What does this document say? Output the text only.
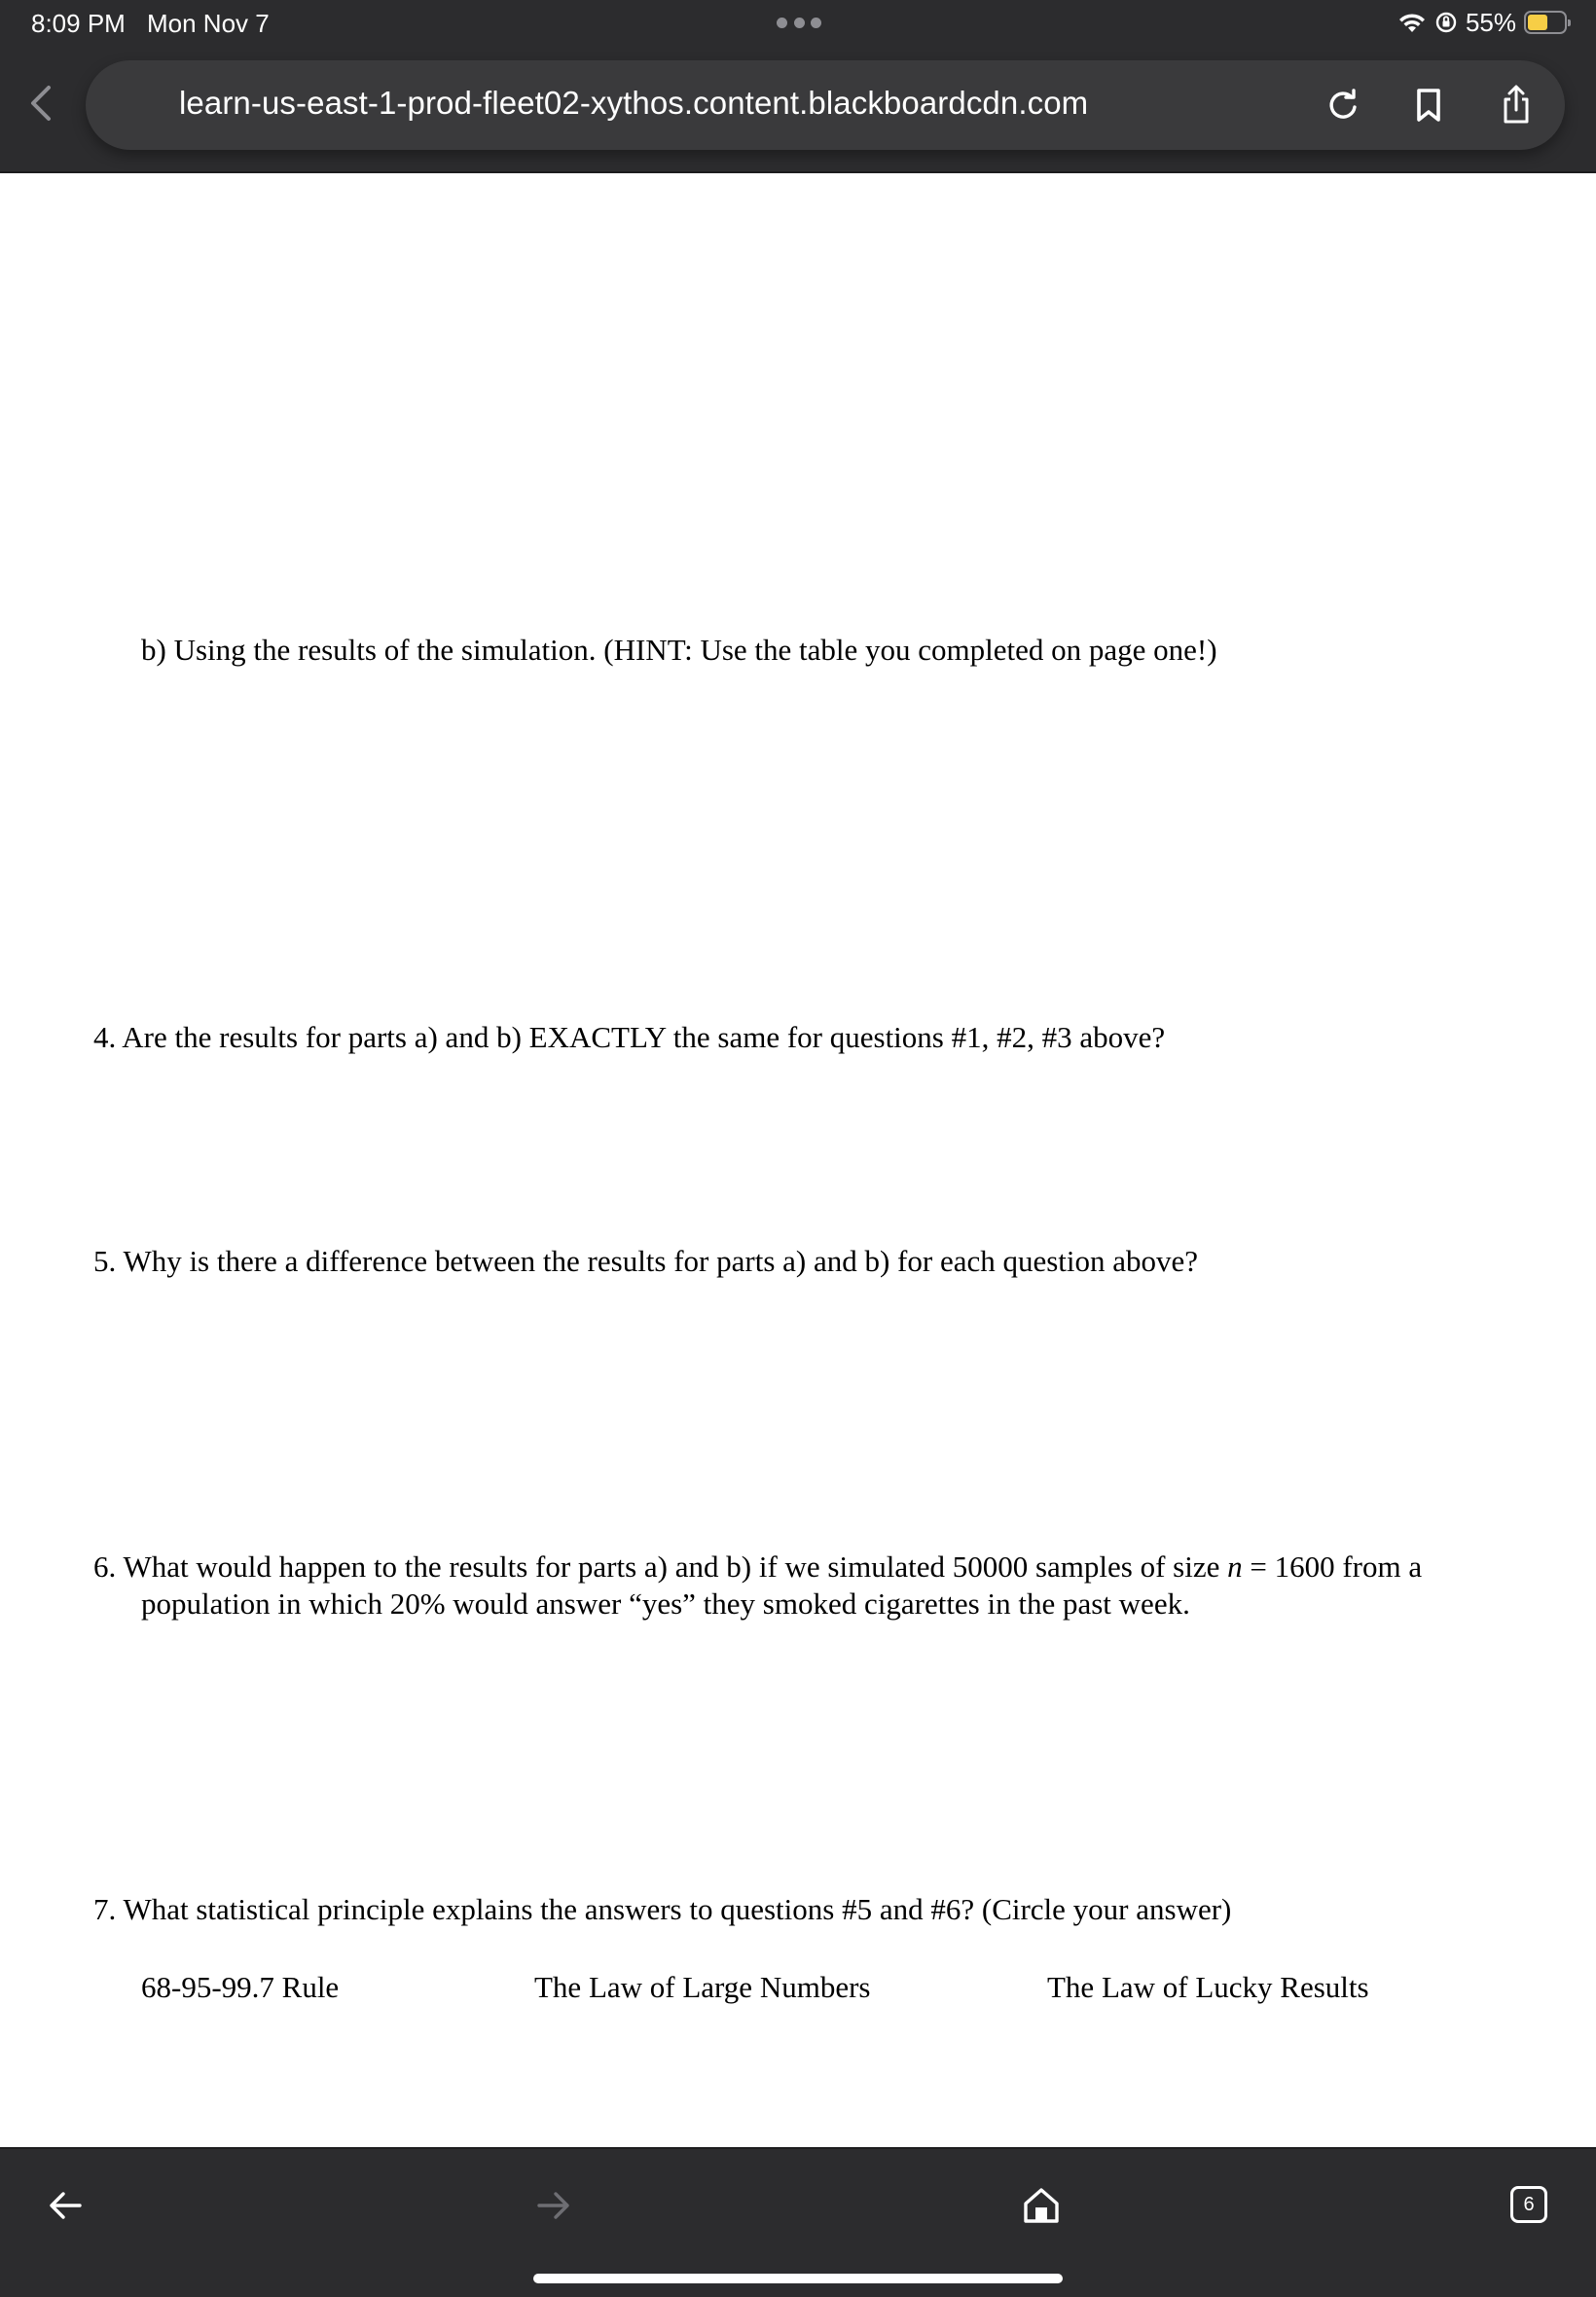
8:09 PM Mon Nov 7	55%
learn-us-east-1-prod-fleet02-xythos.content.blackboardcdn.com
b) Using the results of the simulation. (HINT: Use the table you completed on page one!)
4. Are the results for parts a) and b) EXACTLY the same for questions #1, #2, #3 above?
5. Why is there a difference between the results for parts a) and b) for each question above?
6. What would happen to the results for parts a) and b) if we simulated 50000 samples of size n = 1600 from a
population in which 20% would answer “yes” they smoked cigarettes in the past week.
7. What statistical principle explains the answers to questions #5 and #6? (Circle your answer)
68-95-99.7 Rule	The Law of Large Numbers	The Law of Lucky Results
6
